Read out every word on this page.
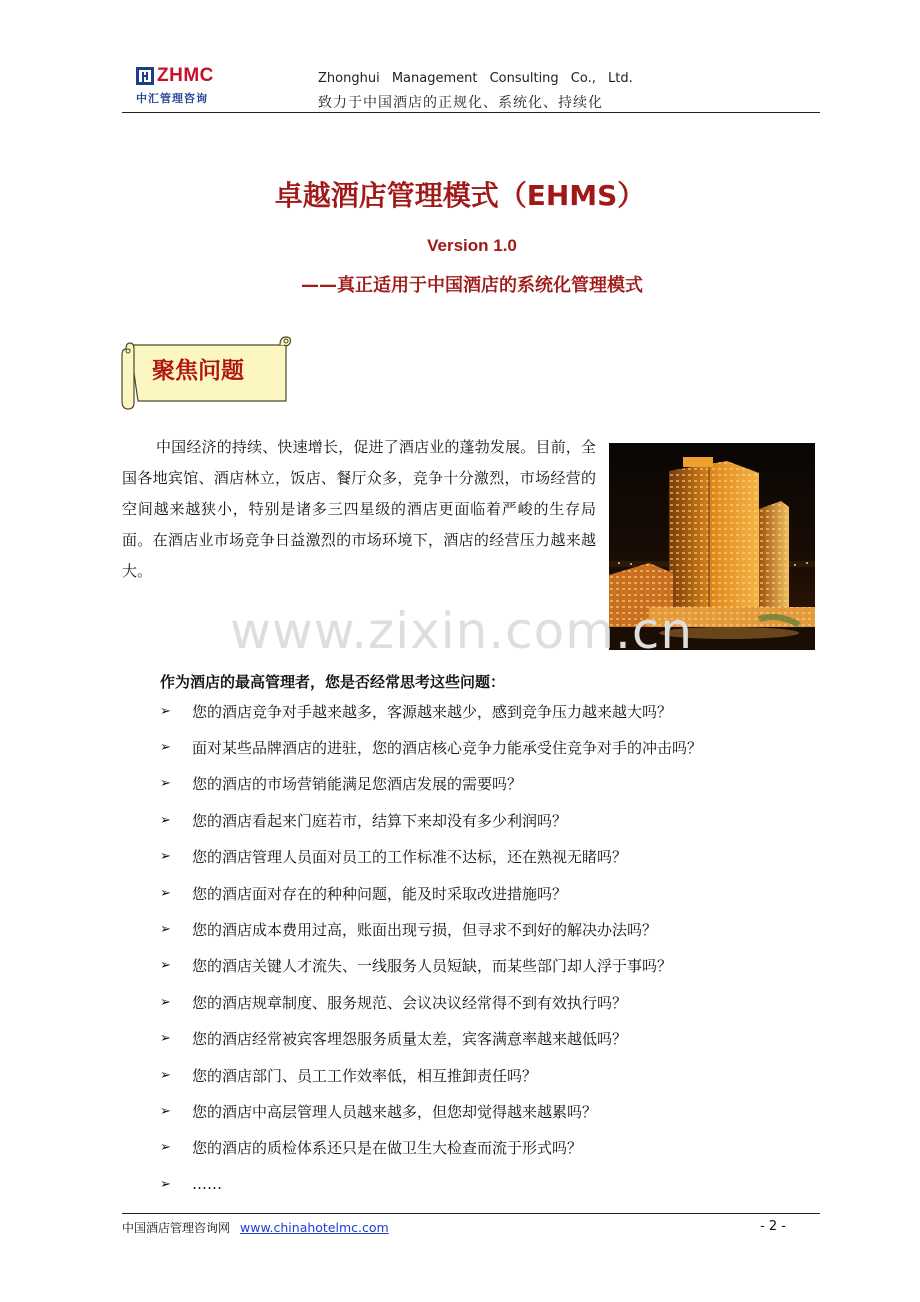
ZHMC
中汇管理咨询
Zhonghui Management Consulting Co., Ltd.
致力于中国酒店的正规化、系统化、持续化
卓越酒店管理模式（EHMS）
Version 1.0
——真正适用于中国酒店的系统化管理模式
聚焦问题
中国经济的持续、快速增长，促进了酒店业的蓬勃发展。目前，全国各地宾馆、酒店林立，饭店、餐厅众多，竞争十分激烈，市场经营的空间越来越狭小，特别是诸多三四星级的酒店更面临着严峻的生存局面。在酒店业市场竞争日益激烈的市场环境下，酒店的经营压力越来越大。
www.zixin.com.cn
作为酒店的最高管理者，您是否经常思考这些问题：
➢	您的酒店竞争对手越来越多，客源越来越少，感到竞争压力越来越大吗？
➢	面对某些品牌酒店的进驻，您的酒店核心竞争力能承受住竞争对手的冲击吗？
➢	您的酒店的市场营销能满足您酒店发展的需要吗？
➢	您的酒店看起来门庭若市，结算下来却没有多少利润吗？
➢	您的酒店管理人员面对员工的工作标准不达标，还在熟视无睹吗？
➢	您的酒店面对存在的种种问题，能及时采取改进措施吗？
➢	您的酒店成本费用过高，账面出现亏损，但寻求不到好的解决办法吗？
➢	您的酒店关键人才流失、一线服务人员短缺，而某些部门却人浮于事吗？
➢	您的酒店规章制度、服务规范、会议决议经常得不到有效执行吗？
➢	您的酒店经常被宾客埋怨服务质量太差，宾客满意率越来越低吗？
➢	您的酒店部门、员工工作效率低，相互推卸责任吗？
➢	您的酒店中高层管理人员越来越多，但您却觉得越来越累吗？
➢	您的酒店的质检体系还只是在做卫生大检查而流于形式吗？
➢	……
中国酒店管理咨询网 www.chinahotelmc.com	- 2 -
